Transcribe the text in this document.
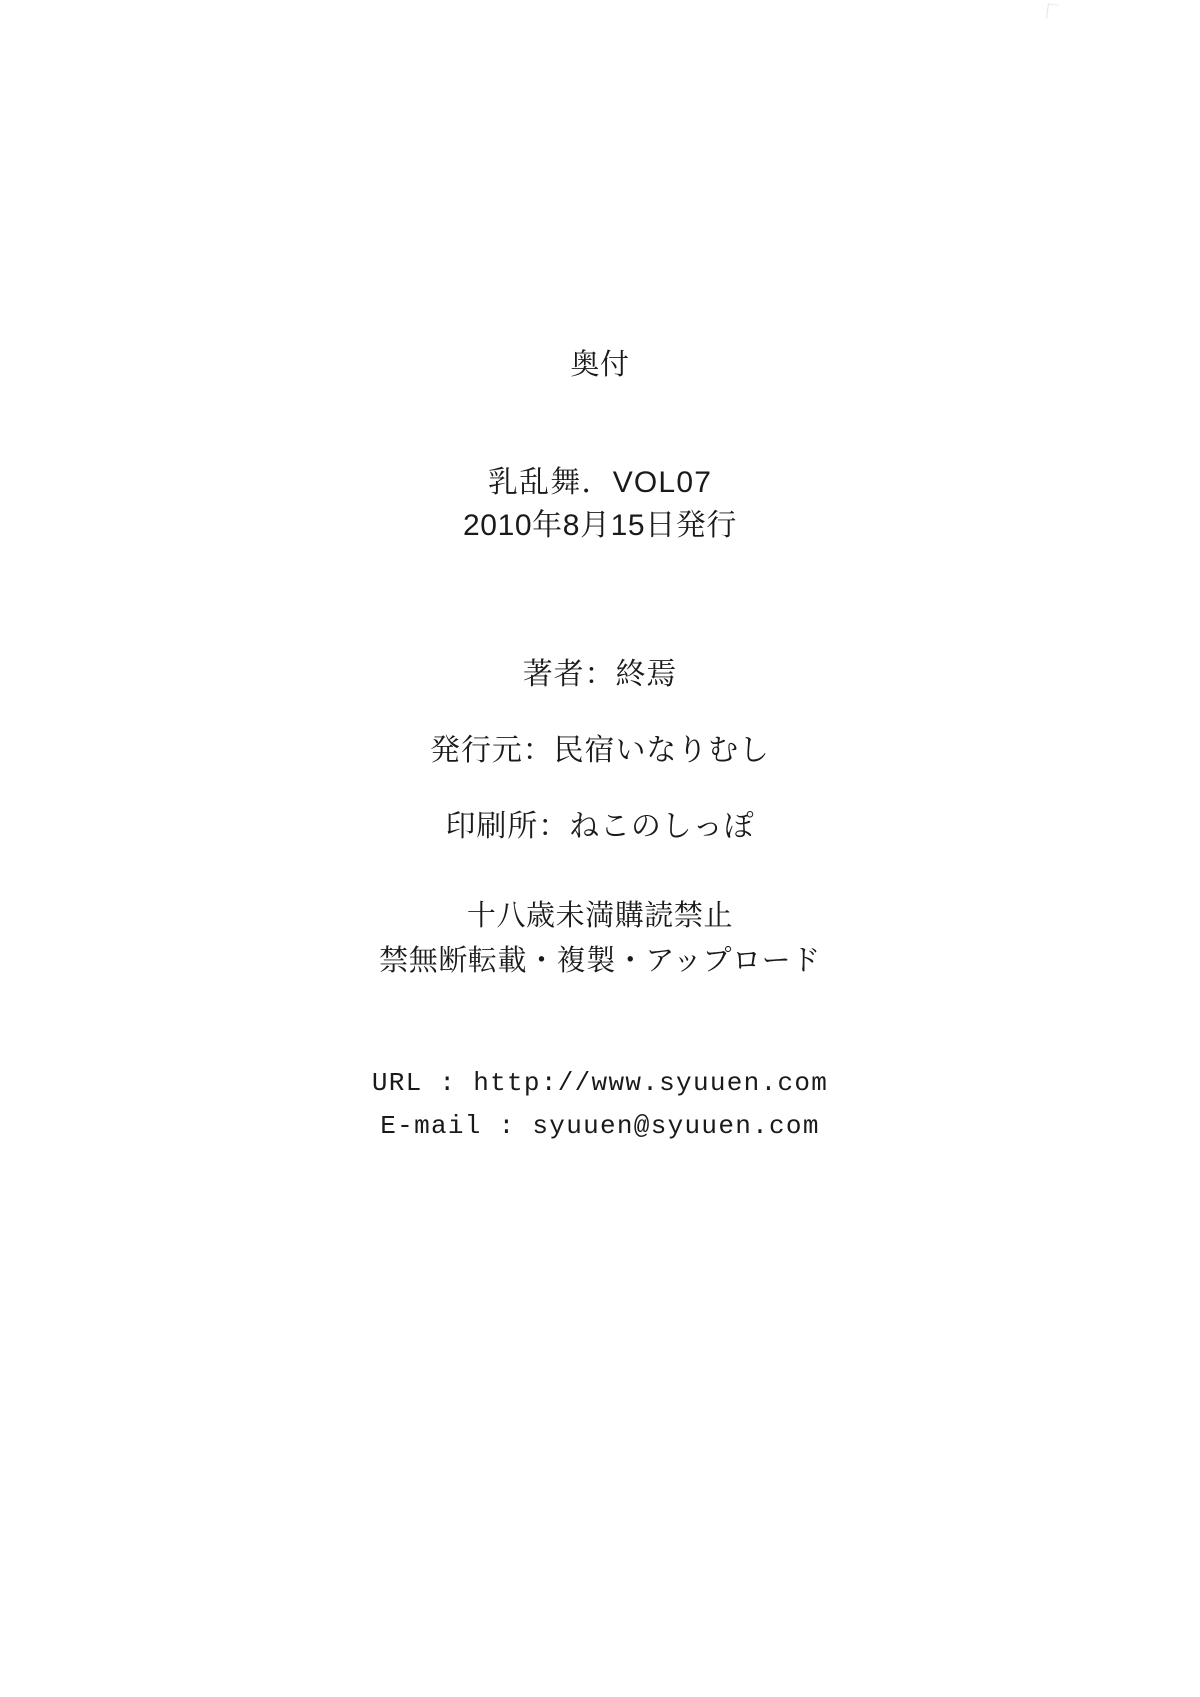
奥付

乳乱舞．VOL07

2010年8月15日発行

著者：終焉

発行元：民宿いなりむし

印刷所：ねこのしっぽ

十八歳未満購読禁止

禁無断転載・複製・アップロード

URL : http://www.syuuen.com

E-mail : syuuen@syuuen.com
